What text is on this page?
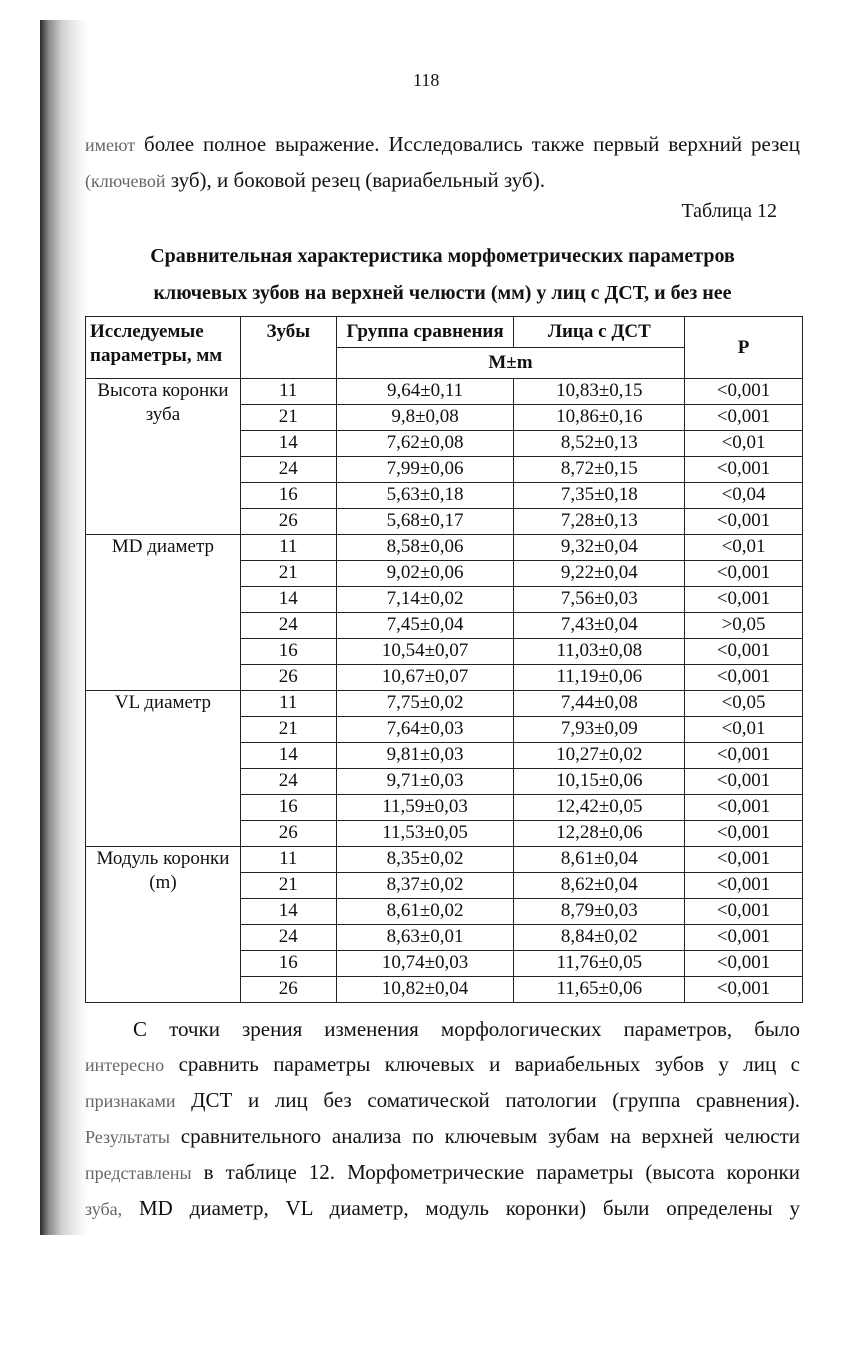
118
имеют более полное выражение. Исследовались также первый верхний резец
(ключевой зуб), и боковой резец (вариабельный зуб).
Таблица 12
Сравнительная характеристика морфометрических параметров
ключевых зубов на верхней челюсти (мм) у лиц с ДСТ, и без нее
Исследуемые параметры, мм	Зубы	Группа сравнения	Лица с ДСТ	P
		M±m		
Высота коронки зуба	11	9,64±0,11	10,83±0,15	<0,001
	21	9,8±0,08	10,86±0,16	<0,001
	14	7,62±0,08	8,52±0,13	<0,01
	24	7,99±0,06	8,72±0,15	<0,001
	16	5,63±0,18	7,35±0,18	<0,04
	26	5,68±0,17	7,28±0,13	<0,001
MD диаметр	11	8,58±0,06	9,32±0,04	<0,01
	21	9,02±0,06	9,22±0,04	<0,001
	14	7,14±0,02	7,56±0,03	<0,001
	24	7,45±0,04	7,43±0,04	>0,05
	16	10,54±0,07	11,03±0,08	<0,001
	26	10,67±0,07	11,19±0,06	<0,001
VL диаметр	11	7,75±0,02	7,44±0,08	<0,05
	21	7,64±0,03	7,93±0,09	<0,01
	14	9,81±0,03	10,27±0,02	<0,001
	24	9,71±0,03	10,15±0,06	<0,001
	16	11,59±0,03	12,42±0,05	<0,001
	26	11,53±0,05	12,28±0,06	<0,001
Модуль коронки (m)	11	8,35±0,02	8,61±0,04	<0,001
	21	8,37±0,02	8,62±0,04	<0,001
	14	8,61±0,02	8,79±0,03	<0,001
	24	8,63±0,01	8,84±0,02	<0,001
	16	10,74±0,03	11,76±0,05	<0,001
	26	10,82±0,04	11,65±0,06	<0,001
С точки зрения изменения морфологических параметров, было
интересно сравнить параметры ключевых и вариабельных зубов у лиц с
признаками ДСТ и лиц без соматической патологии (группа сравнения).
Результаты сравнительного анализа по ключевым зубам на верхней челюсти
представлены в таблице 12. Морфометрические параметры (высота коронки
зуба, MD диаметр, VL диаметр, модуль коронки) были определены у
